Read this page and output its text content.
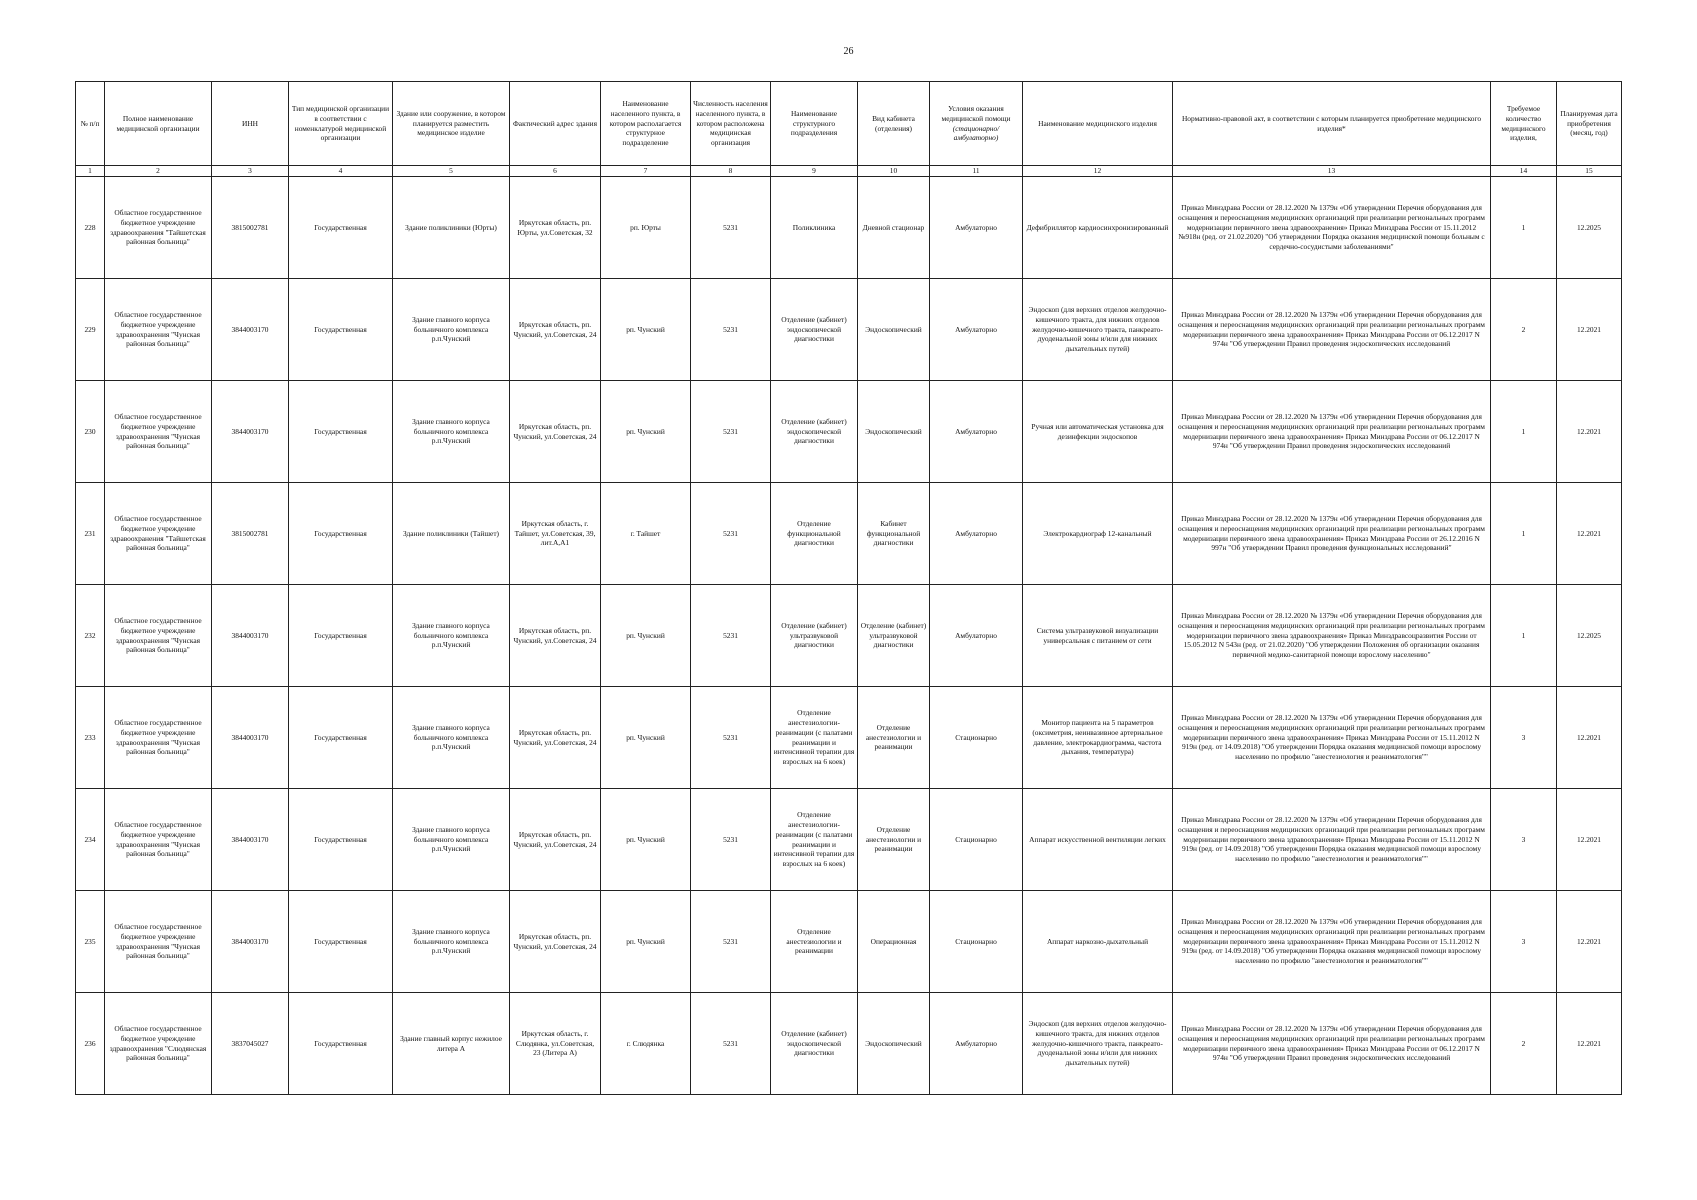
26
№ п/п	Полное наименование медицинской организации	ИНН	Тип медицинской организации в соответствии с номенклатурой медицинской организации	Здание или сооружение, в котором планируется разместить медицинское изделие	Фактический адрес здания	Наименование населенного пункта, в котором располагается структурное подразделение	Численность населения населенного пункта, в котором расположена медицинская организация	Наименование структурного подразделения	Вид кабинета (отделения)	Условия оказания медицинской помощи (стационарно/амбулаторно)	Наименование медицинского изделия	Нормативно-правовой акт, в соответствии с которым планируется приобретение медицинского изделия*	Требуемое количество медицинского изделия,	Планируемая дата приобретения (месяц, год)
1	2	3	4	5	6	7	8	9	10	11	12	13	14	15
228	Областное государственное бюджетное учреждение здравоохранения "Тайшетская районная больница"	3815002781	Государственная	Здание поликлиники (Юрты)	Иркутская область, рп. Юрты, ул.Советская, 32	рп. Юрты	5231	Поликлиника	Дневной стационар	Амбулаторно	Дефибриллятор кардиосинхронизированный	Приказ Минздрава России от 28.12.2020 № 1379н «Об утверждении Перечня оборудования для оснащения и переоснащения медицинских организаций при реализации региональных программ модернизации первичного звена здравоохранения» Приказ Минздрава России от 15.11.2012 №918н (ред. от 21.02.2020) "Об утверждении Порядка оказания медицинской помощи больным с сердечно-сосудистыми заболеваниями"	1	12.2025
229	Областное государственное бюджетное учреждение здравоохранения "Чунская районная больница"	3844003170	Государственная	Здание главного корпуса больничного комплекса р.п.Чунский	Иркутская область, рп. Чунский, ул.Советская, 24	рп. Чунский	5231	Отделение (кабинет) эндоскопической диагностики	Эндоскопический	Амбулаторно	Эндоскоп (для верхних отделов желудочно-кишечного тракта, для нижних отделов желудочно-кишечного тракта, панкреато-дуоденальной зоны и/или для нижних дыхательных путей)	Приказ Минздрава России от 28.12.2020 № 1379н «Об утверждении Перечня оборудования для оснащения и переоснащения медицинских организаций при реализации региональных программ модернизации первичного звена здравоохранения» Приказ Минздрава России от 06.12.2017 N 974н "Об утверждении Правил проведения эндоскопических исследований	2	12.2021
230	Областное государственное бюджетное учреждение здравоохранения "Чунская районная больница"	3844003170	Государственная	Здание главного корпуса больничного комплекса р.п.Чунский	Иркутская область, рп. Чунский, ул.Советская, 24	рп. Чунский	5231	Отделение (кабинет) эндоскопической диагностики	Эндоскопический	Амбулаторно	Ручная или автоматическая установка для дезинфекции эндоскопов	Приказ Минздрава России от 28.12.2020 № 1379н «Об утверждении Перечня оборудования для оснащения и переоснащения медицинских организаций при реализации региональных программ модернизации первичного звена здравоохранения» Приказ Минздрава России от 06.12.2017 N 974н "Об утверждении Правил проведения эндоскопических исследований	1	12.2021
231	Областное государственное бюджетное учреждение здравоохранения "Тайшетская районная больница"	3815002781	Государственная	Здание поликлиники (Тайшет)	Иркутская область, г. Тайшет, ул.Советская, 39, лит.А,А1	г. Тайшет	5231	Отделение функциональной диагностики	Кабинет функциональной диагностики	Амбулаторно	Электрокардиограф 12-канальный	Приказ Минздрава России от 28.12.2020 № 1379н «Об утверждении Перечня оборудования для оснащения и переоснащения медицинских организаций при реализации региональных программ модернизации первичного звена здравоохранения» Приказ Минздрава России от 26.12.2016 N 997н "Об утверждении Правил проведения функциональных исследований"	1	12.2021
232	Областное государственное бюджетное учреждение здравоохранения "Чунская районная больница"	3844003170	Государственная	Здание главного корпуса больничного комплекса р.п.Чунский	Иркутская область, рп. Чунский, ул.Советская, 24	рп. Чунский	5231	Отделение (кабинет) ультразвуковой диагностики	Отделение (кабинет) ультразвуковой диагностики	Амбулаторно	Система ультразвуковой визуализации универсальная с питанием от сети	Приказ Минздрава России от 28.12.2020 № 1379н «Об утверждении Перечня оборудования для оснащения и переоснащения медицинских организаций при реализации региональных программ модернизации первичного звена здравоохранения» Приказ Минздравсоцразвития России от 15.05.2012 N 543н (ред. от 21.02.2020) "Об утверждении Положения об организации оказания первичной медико-санитарной помощи взрослому населению"	1	12.2025
233	Областное государственное бюджетное учреждение здравоохранения "Чунская районная больница"	3844003170	Государственная	Здание главного корпуса больничного комплекса р.п.Чунский	Иркутская область, рп. Чунский, ул.Советская, 24	рп. Чунский	5231	Отделение анестезиологии-реанимации (с палатами реанимации и интенсивной терапии для взрослых на 6 коек)	Отделение анестезиологии и реанимации	Стационарно	Монитор пациента на 5 параметров (оксиметрия, неинвазивное артериальное давление, электрокардиограмма, частота дыхания, температура)	Приказ Минздрава России от 28.12.2020 № 1379н «Об утверждении Перечня оборудования для оснащения и переоснащения медицинских организаций при реализации региональных программ модернизации первичного звена здравоохранения» Приказ Минздрава России от 15.11.2012 N 919н (ред. от 14.09.2018) "Об утверждении Порядка оказания медицинской помощи взрослому населению по профилю "анестезиология и реаниматология""	3	12.2021
234	Областное государственное бюджетное учреждение здравоохранения "Чунская районная больница"	3844003170	Государственная	Здание главного корпуса больничного комплекса р.п.Чунский	Иркутская область, рп. Чунский, ул.Советская, 24	рп. Чунский	5231	Отделение анестезиологии-реанимации (с палатами реанимации и интенсивной терапии для взрослых на 6 коек)	Отделение анестезиологии и реанимации	Стационарно	Аппарат искусственной вентиляции легких	Приказ Минздрава России от 28.12.2020 № 1379н «Об утверждении Перечня оборудования для оснащения и переоснащения медицинских организаций при реализации региональных программ модернизации первичного звена здравоохранения» Приказ Минздрава России от 15.11.2012 N 919н (ред. от 14.09.2018) "Об утверждении Порядка оказания медицинской помощи взрослому населению по профилю "анестезиология и реаниматология""	3	12.2021
235	Областное государственное бюджетное учреждение здравоохранения "Чунская районная больница"	3844003170	Государственная	Здание главного корпуса больничного комплекса р.п.Чунский	Иркутская область, рп. Чунский, ул.Советская, 24	рп. Чунский	5231	Отделение анестезиологии и реанимации	Операционная	Стационарно	Аппарат наркозно-дыхательный	Приказ Минздрава России от 28.12.2020 № 1379н «Об утверждении Перечня оборудования для оснащения и переоснащения медицинских организаций при реализации региональных программ модернизации первичного звена здравоохранения» Приказ Минздрава России от 15.11.2012 N 919н (ред. от 14.09.2018) "Об утверждении Порядка оказания медицинской помощи взрослому населению по профилю "анестезиология и реаниматология""	3	12.2021
236	Областное государственное бюджетное учреждение здравоохранения "Слюдянская районная больница"	3837045027	Государственная	Здание главный корпус нежилое литера А	Иркутская область, г. Слюдянка, ул.Советская, 23 (Литера А)	г. Слюдянка	5231	Отделение (кабинет) эндоскопической диагностики	Эндоскопический	Амбулаторно	Эндоскоп (для верхних отделов желудочно-кишечного тракта, для нижних отделов желудочно-кишечного тракта, панкреато-дуоденальной зоны и/или для нижних дыхательных путей)	Приказ Минздрава России от 28.12.2020 № 1379н «Об утверждении Перечня оборудования для оснащения и переоснащения медицинских организаций при реализации региональных программ модернизации первичного звена здравоохранения» Приказ Минздрава России от 06.12.2017 N 974н "Об утверждении Правил проведения эндоскопических исследований	2	12.2021
